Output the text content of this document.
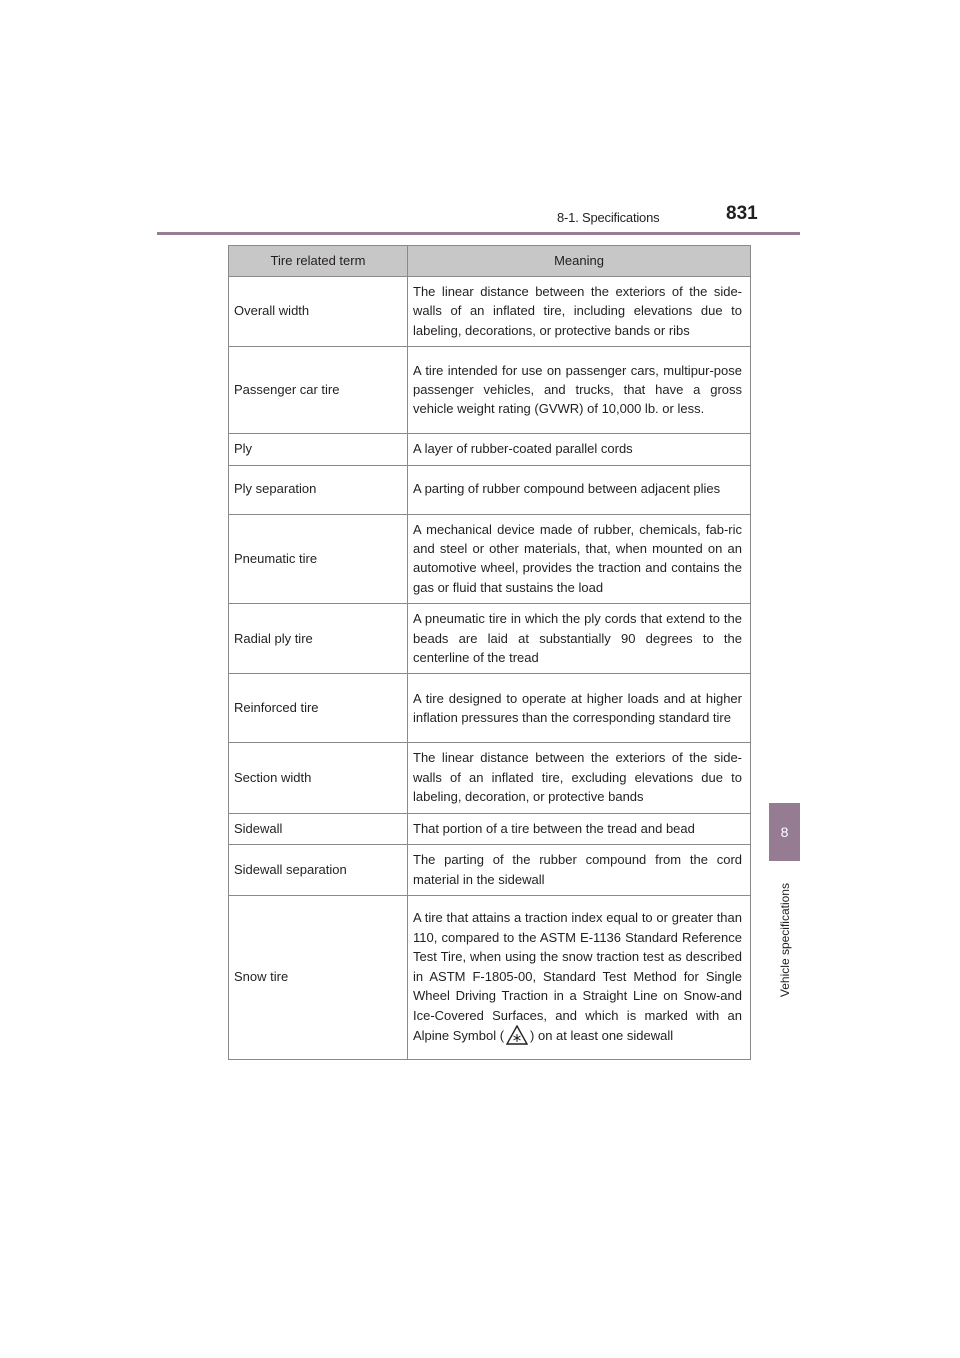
8-1. Specifications	831
8
Vehicle specifications
Tire related term	Meaning
Overall width	The linear distance between the exteriors of the side-walls of an inflated tire, including elevations due to labeling, decorations, or protective bands or ribs
Passenger car tire	A tire intended for use on passenger cars, multipur-pose passenger vehicles, and trucks, that have a gross vehicle weight rating (GVWR) of 10,000 lb. or less.
Ply	A layer of rubber-coated parallel cords
Ply separation	A parting of rubber compound between adjacent plies
Pneumatic tire	A mechanical device made of rubber, chemicals, fab-ric and steel or other materials, that, when mounted on an automotive wheel, provides the traction and contains the gas or fluid that sustains the load
Radial ply tire	A pneumatic tire in which the ply cords that extend to the beads are laid at substantially 90 degrees to the centerline of the tread
Reinforced tire	A tire designed to operate at higher loads and at higher inflation pressures than the corresponding standard tire
Section width	The linear distance between the exteriors of the side-walls of an inflated tire, excluding elevations due to labeling, decoration, or protective bands
Sidewall	That portion of a tire between the tread and bead
Sidewall separation	The parting of the rubber compound from the cord material in the sidewall
Snow tire	A tire that attains a traction index equal to or greater than 110, compared to the ASTM E-1136 Standard Reference Test Tire, when using the snow traction test as described in ASTM F-1805-00, Standard Test Method for Single Wheel Driving Traction in a Straight Line on Snow-and Ice-Covered Surfaces, and which is marked with an Alpine Symbol ( ) on at least one sidewall
